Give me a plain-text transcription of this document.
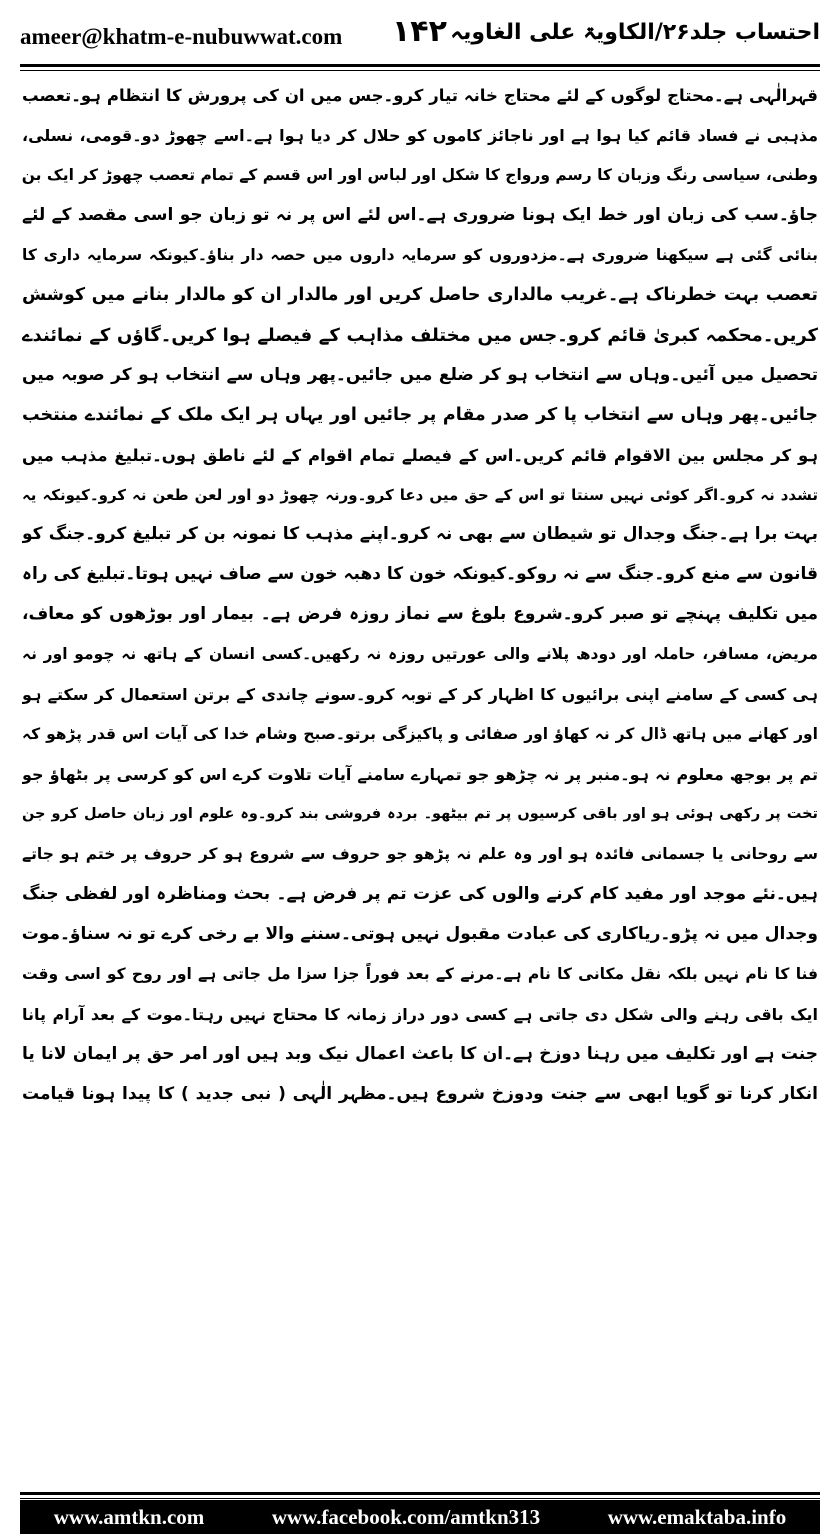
ameer@khatm-e-nubuwwat.com ۱۴۲ احتساب جلد۲۶/الکاویۃ علی الغاویہ
قہرالٰہی ہے۔محتاج لوگوں کے لئے محتاج خانہ تیار کرو۔جس میں ان کی پرورش کا انتظام ہو۔تعصب
مذہبی نے فساد قائم کیا ہوا ہے اور ناجائز کاموں کو حلال کر دیا ہوا ہے۔اسے چھوڑ دو۔قومی، نسلی،
وطنی، سیاسی رنگ وزبان کا رسم ورواج کا شکل اور لباس اور اس قسم کے تمام تعصب چھوڑ کر ایک بن
جاؤ۔سب کی زبان اور خط ایک ہونا ضروری ہے۔اس لئے اس پر نہ تو زبان جو اسی مقصد کے لئے
بنائی گئی ہے سیکھنا ضروری ہے۔مزدوروں کو سرمایہ داروں میں حصہ دار بناؤ۔کیونکہ سرمایہ داری کا
تعصب بہت خطرناک ہے۔غریب مالداری حاصل کریں اور مالدار ان کو مالدار بنانے میں کوشش
کریں۔محکمہ کبریٰ قائم کرو۔جس میں مختلف مذاہب کے فیصلے ہوا کریں۔گاؤں کے نمائندے
تحصیل میں آئیں۔وہاں سے انتخاب ہو کر ضلع میں جائیں۔پھر وہاں سے انتخاب ہو کر صوبہ میں
جائیں۔پھر وہاں سے انتخاب پا کر صدر مقام پر جائیں اور یہاں ہر ایک ملک کے نمائندے منتخب
ہو کر مجلس بین الاقوام قائم کریں۔اس کے فیصلے تمام اقوام کے لئے ناطق ہوں۔تبلیغ مذہب میں
تشدد نہ کرو۔اگر کوئی نہیں سنتا تو اس کے حق میں دعا کرو۔ورنہ چھوڑ دو اور لعن طعن نہ کرو۔کیونکہ یہ
بہت برا ہے۔جنگ وجدال تو شیطان سے بھی نہ کرو۔اپنے مذہب کا نمونہ بن کر تبلیغ کرو۔جنگ کو
قانون سے منع کرو۔جنگ سے نہ روکو۔کیونکہ خون کا دھبہ خون سے صاف نہیں ہوتا۔تبلیغ کی راہ
میں تکلیف پہنچے تو صبر کرو۔شروع بلوغ سے نماز روزہ فرض ہے۔ بیمار اور بوڑھوں کو معاف،
مریض، مسافر، حاملہ اور دودھ پلانے والی عورتیں روزہ نہ رکھیں۔کسی انسان کے ہاتھ نہ چومو اور نہ
ہی کسی کے سامنے اپنی برائیوں کا اظہار کر کے توبہ کرو۔سونے چاندی کے برتن استعمال کر سکتے ہو
اور کھانے میں ہاتھ ڈال کر نہ کھاؤ اور صفائی و پاکیزگی برتو۔صبح وشام خدا کی آیات اس قدر پڑھو کہ
تم پر بوجھ معلوم نہ ہو۔منبر پر نہ چڑھو جو تمہارے سامنے آیات تلاوت کرے اس کو کرسی پر بٹھاؤ جو
تخت پر رکھی ہوئی ہو اور باقی کرسیوں پر تم بیٹھو۔ بردہ فروشی بند کرو۔وہ علوم اور زبان حاصل کرو جن
سے روحانی یا جسمانی فائدہ ہو اور وہ علم نہ پڑھو جو حروف سے شروع ہو کر حروف پر ختم ہو جاتے
ہیں۔نئے موجد اور مفید کام کرنے والوں کی عزت تم پر فرض ہے۔ بحث ومناظرہ اور لفظی جنگ
وجدال میں نہ پڑو۔ریاکاری کی عبادت مقبول نہیں ہوتی۔سننے والا بے رخی کرے تو نہ سناؤ۔موت
فنا کا نام نہیں بلکہ نقل مکانی کا نام ہے۔مرنے کے بعد فوراً جزا سزا مل جاتی ہے اور روح کو اسی وقت
ایک باقی رہنے والی شکل دی جاتی ہے کسی دور دراز زمانہ کا محتاج نہیں رہتا۔موت کے بعد آرام پانا
جنت ہے اور تکلیف میں رہنا دوزخ ہے۔ان کا باعث اعمال نیک وبد ہیں اور امر حق پر ایمان لانا یا
انکار کرنا تو گویا ابھی سے جنت ودوزخ شروع ہیں۔مظہر الٰہی ( نبی جدید ) کا پیدا ہونا قیامت
www.amtkn.com	www.facebook.com/amtkn313	www.emaktaba.info
